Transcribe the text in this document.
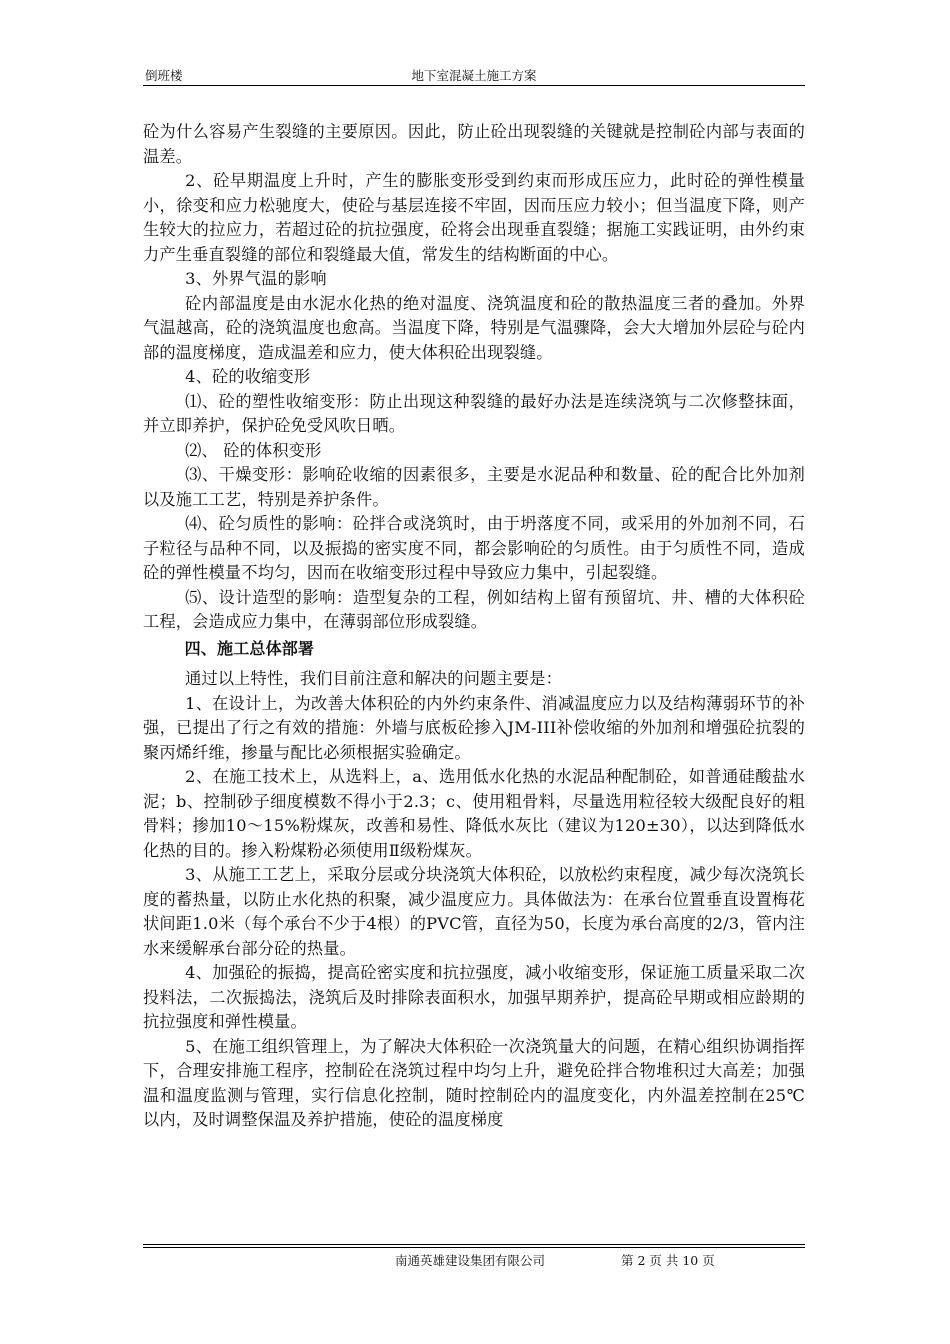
倒班楼	地下室混凝土施工方案

砼为什么容易产生裂缝的主要原因。因此，防止砼出现裂缝的关键就是控制砼内部与表面的温差。

2、砼早期温度上升时，产生的膨胀变形受到约束而形成压应力，此时砼的弹性模量小，徐变和应力松驰度大，使砼与基层连接不牢固，因而压应力较小；但当温度下降，则产生较大的拉应力，若超过砼的抗拉强度，砼将会出现垂直裂缝；据施工实践证明，由外约束力产生垂直裂缝的部位和裂缝最大值，常发生的结构断面的中心。

3、外界气温的影响

砼内部温度是由水泥水化热的绝对温度、浇筑温度和砼的散热温度三者的叠加。外界气温越高，砼的浇筑温度也愈高。当温度下降，特别是气温骤降，会大大增加外层砼与砼内部的温度梯度，造成温差和应力，使大体积砼出现裂缝。

4、砼的收缩变形

⑴、砼的塑性收缩变形：防止出现这种裂缝的最好办法是连续浇筑与二次修整抹面，并立即养护，保护砼免受风吹日晒。

⑵、 砼的体积变形

⑶、干燥变形：影响砼收缩的因素很多，主要是水泥品种和数量、砼的配合比外加剂以及施工工艺，特别是养护条件。

⑷、砼匀质性的影响：砼拌合或浇筑时，由于坍落度不同，或采用的外加剂不同，石子粒径与品种不同，以及振捣的密实度不同，都会影响砼的匀质性。由于匀质性不同，造成砼的弹性模量不均匀，因而在收缩变形过程中导致应力集中，引起裂缝。

⑸、设计造型的影响：造型复杂的工程，例如结构上留有预留坑、井、槽的大体积砼工程，会造成应力集中，在薄弱部位形成裂缝。

四、施工总体部署

通过以上特性，我们目前注意和解决的问题主要是：

1、在设计上，为改善大体积砼的内外约束条件、消减温度应力以及结构薄弱环节的补强，已提出了行之有效的措施：外墙与底板砼掺入JM-III补偿收缩的外加剂和增强砼抗裂的聚丙烯纤维，掺量与配比必须根据实验确定。

2、在施工技术上，从选料上，a、选用低水化热的水泥品种配制砼，如普通硅酸盐水泥；b、控制砂子细度模数不得小于2.3；c、使用粗骨料，尽量选用粒径较大级配良好的粗骨料；掺加10～15%粉煤灰，改善和易性、降低水灰比（建议为120±30），以达到降低水化热的目的。掺入粉煤粉必须使用Ⅱ级粉煤灰。

3、从施工工艺上，采取分层或分块浇筑大体积砼，以放松约束程度，减少每次浇筑长度的蓄热量，以防止水化热的积聚，减少温度应力。具体做法为：在承台位置垂直设置梅花状间距1.0米（每个承台不少于4根）的PVC管，直径为50，长度为承台高度的2/3，管内注水来缓解承台部分砼的热量。

4、加强砼的振捣，提高砼密实度和抗拉强度，减小收缩变形，保证施工质量采取二次投料法，二次振捣法，浇筑后及时排除表面积水，加强早期养护，提高砼早期或相应龄期的抗拉强度和弹性模量。

5、在施工组织管理上，为了解决大体积砼一次浇筑量大的问题，在精心组织协调指挥下，合理安排施工程序，控制砼在浇筑过程中均匀上升，避免砼拌合物堆积过大高差；加强温和温度监测与管理，实行信息化控制，随时控制砼内的温度变化，内外温差控制在25℃以内，及时调整保温及养护措施，使砼的温度梯度

南通英雄建设集团有限公司	第 2 页 共 10 页
